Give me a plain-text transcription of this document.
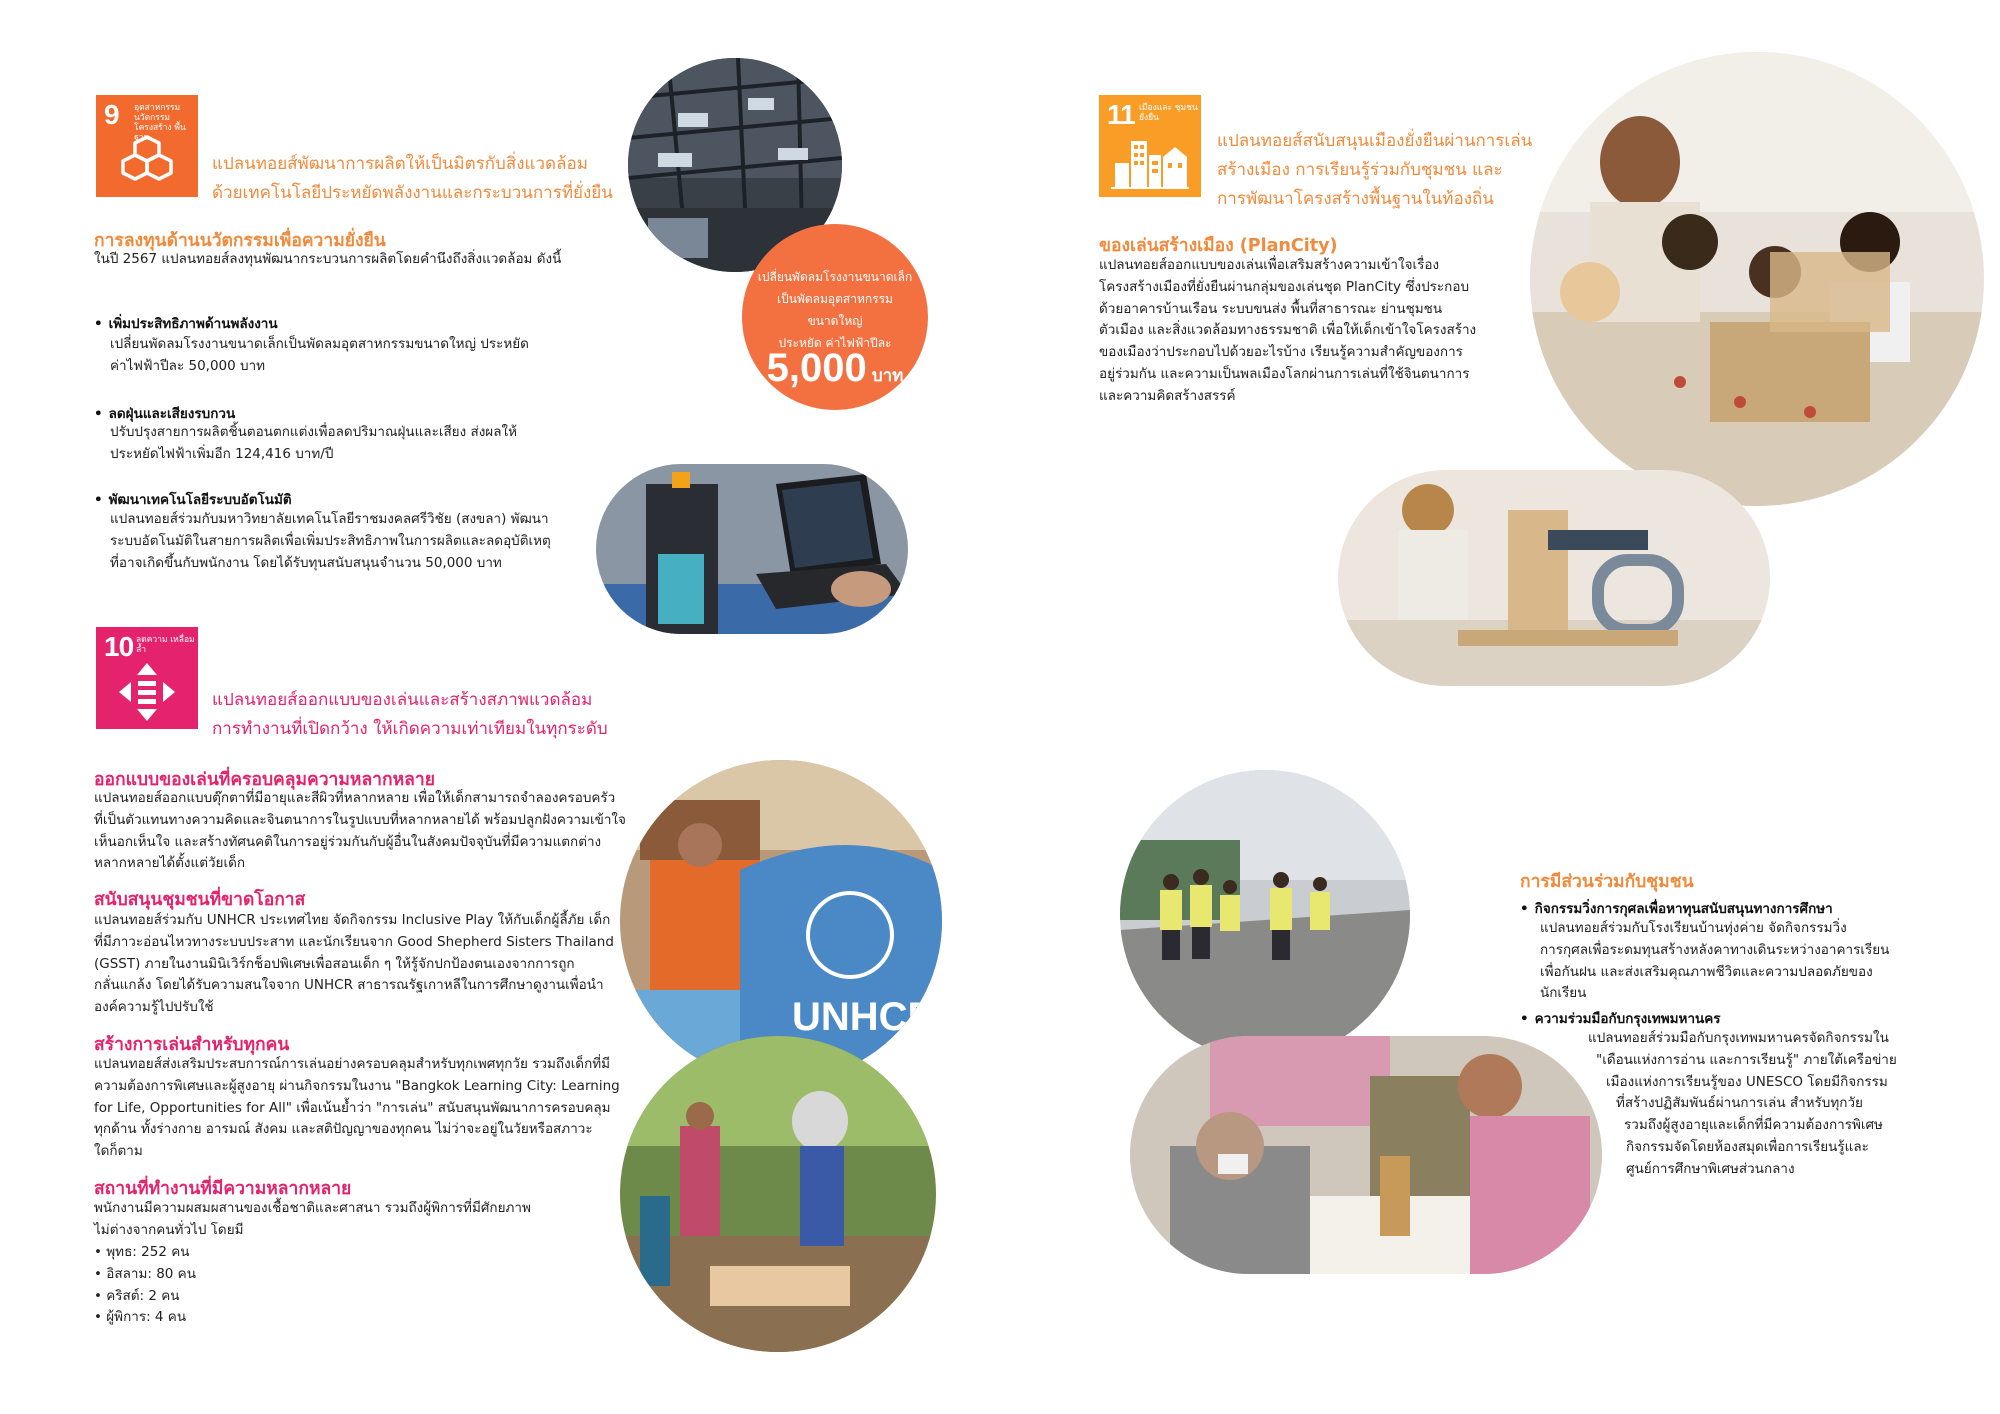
9 อุตสาหกรรม นวัตกรรมโครงสร้าง พื้นฐาน
แปลนทอยส์พัฒนาการผลิตให้เป็นมิตรกับสิ่งแวดล้อม
ด้วยเทคโนโลยีประหยัดพลังงานและกระบวนการที่ยั่งยืน
การลงทุนด้านนวัตกรรมเพื่อความยั่งยืน
ในปี 2567 แปลนทอยส์ลงทุนพัฒนากระบวนการผลิตโดยคำนึงถึงสิ่งแวดล้อม ดังนี้
• เพิ่มประสิทธิภาพด้านพลังงาน
เปลี่ยนพัดลมโรงงานขนาดเล็กเป็นพัดลมอุตสาหกรรมขนาดใหญ่ ประหยัด
ค่าไฟฟ้าปีละ 50,000 บาท
• ลดฝุ่นและเสียงรบกวน
ปรับปรุงสายการผลิตชิ้นตอนตกแต่งเพื่อลดปริมาณฝุ่นและเสียง ส่งผลให้
ประหยัดไฟฟ้าเพิ่มอีก 124,416 บาท/ปี
• พัฒนาเทคโนโลยีระบบอัตโนมัติ
แปลนทอยส์ร่วมกับมหาวิทยาลัยเทคโนโลยีราชมงคลศรีวิชัย (สงขลา) พัฒนา
ระบบอัตโนมัติในสายการผลิตเพื่อเพิ่มประสิทธิภาพในการผลิตและลดอุบัติเหตุ
ที่อาจเกิดขึ้นกับพนักงาน โดยได้รับทุนสนับสนุนจำนวน 50,000 บาท
เปลี่ยนพัดลมโรงงานขนาดเล็ก
เป็นพัดลมอุตสาหกรรม
ขนาดใหญ่
ประหยัด ค่าไฟฟ้าปีละ
5,000 บาท
10 ลดความ เหลื่อมล้ำ
แปลนทอยส์ออกแบบของเล่นและสร้างสภาพแวดล้อม
การทำงานที่เปิดกว้าง ให้เกิดความเท่าเทียมในทุกระดับ
ออกแบบของเล่นที่ครอบคลุมความหลากหลาย
แปลนทอยส์ออกแบบตุ๊กตาที่มีอายุและสีผิวที่หลากหลาย เพื่อให้เด็กสามารถจำลองครอบครัว
ที่เป็นตัวแทนทางความคิดและจินตนาการในรูปแบบที่หลากหลายได้ พร้อมปลูกฝังความเข้าใจ
เห็นอกเห็นใจ และสร้างทัศนคติในการอยู่ร่วมกันกับผู้อื่นในสังคมปัจจุบันที่มีความแตกต่าง
หลากหลายได้ตั้งแต่วัยเด็ก
สนับสนุนชุมชนที่ขาดโอกาส
แปลนทอยส์ร่วมกับ UNHCR ประเทศไทย จัดกิจกรรม Inclusive Play ให้กับเด็กผู้ลี้ภัย เด็ก
ที่มีภาวะอ่อนไหวทางระบบประสาท และนักเรียนจาก Good Shepherd Sisters Thailand
(GSST) ภายในงานมินิเวิร์กช็อปพิเศษเพื่อสอนเด็ก ๆ ให้รู้จักปกป้องตนเองจากการถูก
กลั่นแกล้ง โดยได้รับความสนใจจาก UNHCR สาธารณรัฐเกาหลีในการศึกษาดูงานเพื่อนำ
องค์ความรู้ไปปรับใช้
สร้างการเล่นสำหรับทุกคน
แปลนทอยส์ส่งเสริมประสบการณ์การเล่นอย่างครอบคลุมสำหรับทุกเพศทุกวัย รวมถึงเด็กที่มี
ความต้องการพิเศษและผู้สูงอายุ ผ่านกิจกรรมในงาน "Bangkok Learning City: Learning
for Life, Opportunities for All" เพื่อเน้นย้ำว่า "การเล่น" สนับสนุนพัฒนาการครอบคลุม
ทุกด้าน ทั้งร่างกาย อารมณ์ สังคม และสติปัญญาของทุกคน ไม่ว่าจะอยู่ในวัยหรือสภาวะ
ใดก็ตาม
สถานที่ทำงานที่มีความหลากหลาย
พนักงานมีความผสมผสานของเชื้อชาติและศาสนา รวมถึงผู้พิการที่มีศักยภาพ
ไม่ต่างจากคนทั่วไป โดยมี
• พุทธ: 252 คน
• อิสลาม: 80 คน
• คริสต์: 2 คน
• ผู้พิการ: 4 คน
UNHCR
11 เมืองและ ชุมชนยั่งยืน
แปลนทอยส์สนับสนุนเมืองยั่งยืนผ่านการเล่น
สร้างเมือง การเรียนรู้ร่วมกับชุมชน และ
การพัฒนาโครงสร้างพื้นฐานในท้องถิ่น
ของเล่นสร้างเมือง (PlanCity)
แปลนทอยส์ออกแบบของเล่นเพื่อเสริมสร้างความเข้าใจเรื่อง
โครงสร้างเมืองที่ยั่งยืนผ่านกลุ่มของเล่นชุด PlanCity ซึ่งประกอบ
ด้วยอาคารบ้านเรือน ระบบขนส่ง พื้นที่สาธารณะ ย่านชุมชน
ตัวเมือง และสิ่งแวดล้อมทางธรรมชาติ เพื่อให้เด็กเข้าใจโครงสร้าง
ของเมืองว่าประกอบไปด้วยอะไรบ้าง เรียนรู้ความสำคัญของการ
อยู่ร่วมกัน และความเป็นพลเมืองโลกผ่านการเล่นที่ใช้จินตนาการ
และความคิดสร้างสรรค์
การมีส่วนร่วมกับชุมชน
• กิจกรรมวิ่งการกุศลเพื่อหาทุนสนับสนุนทางการศึกษา
แปลนทอยส์ร่วมกับโรงเรียนบ้านทุ่งค่าย จัดกิจกรรมวิ่ง
การกุศลเพื่อระดมทุนสร้างหลังคาทางเดินระหว่างอาคารเรียน
เพื่อกันฝน และส่งเสริมคุณภาพชีวิตและความปลอดภัยของ
นักเรียน
• ความร่วมมือกับกรุงเทพมหานคร
แปลนทอยส์ร่วมมือกับกรุงเทพมหานครจัดกิจกรรมใน
"เดือนแห่งการอ่าน และการเรียนรู้" ภายใต้เครือข่าย
เมืองแห่งการเรียนรู้ของ UNESCO โดยมีกิจกรรม
ที่สร้างปฏิสัมพันธ์ผ่านการเล่น สำหรับทุกวัย
รวมถึงผู้สูงอายุและเด็กที่มีความต้องการพิเศษ
กิจกรรมจัดโดยห้องสมุดเพื่อการเรียนรู้และ
ศูนย์การศึกษาพิเศษส่วนกลาง
